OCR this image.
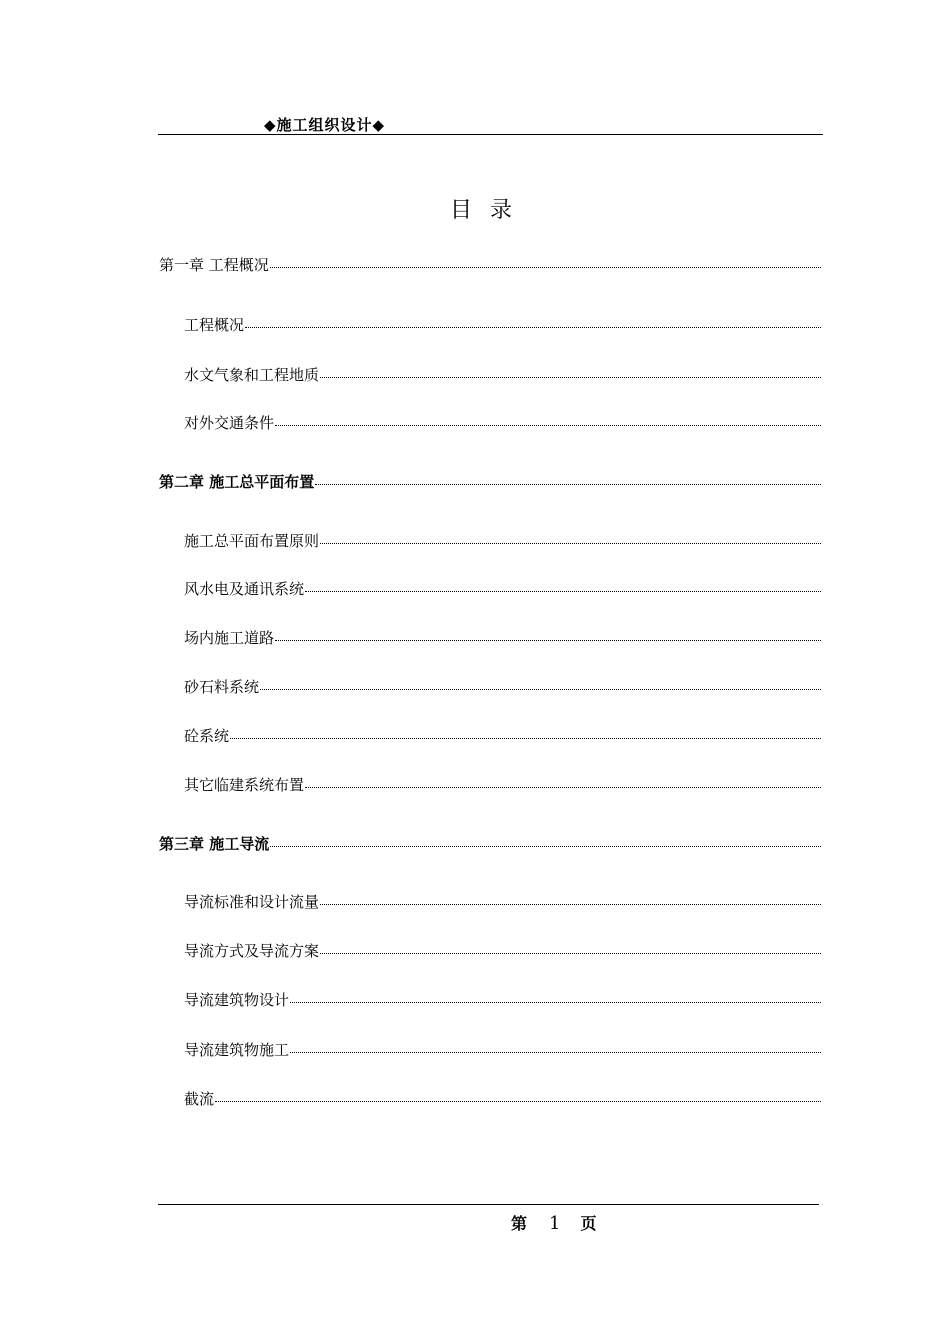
◆施工组织设计◆
目录
第一章 工程概况
工程概况
水文气象和工程地质
对外交通条件
第二章 施工总平面布置
施工总平面布置原则
风水电及通讯系统
场内施工道路
砂石料系统
砼系统
其它临建系统布置
第三章 施工导流
导流标准和设计流量
导流方式及导流方案
导流建筑物设计
导流建筑物施工
截流
第 1 页
